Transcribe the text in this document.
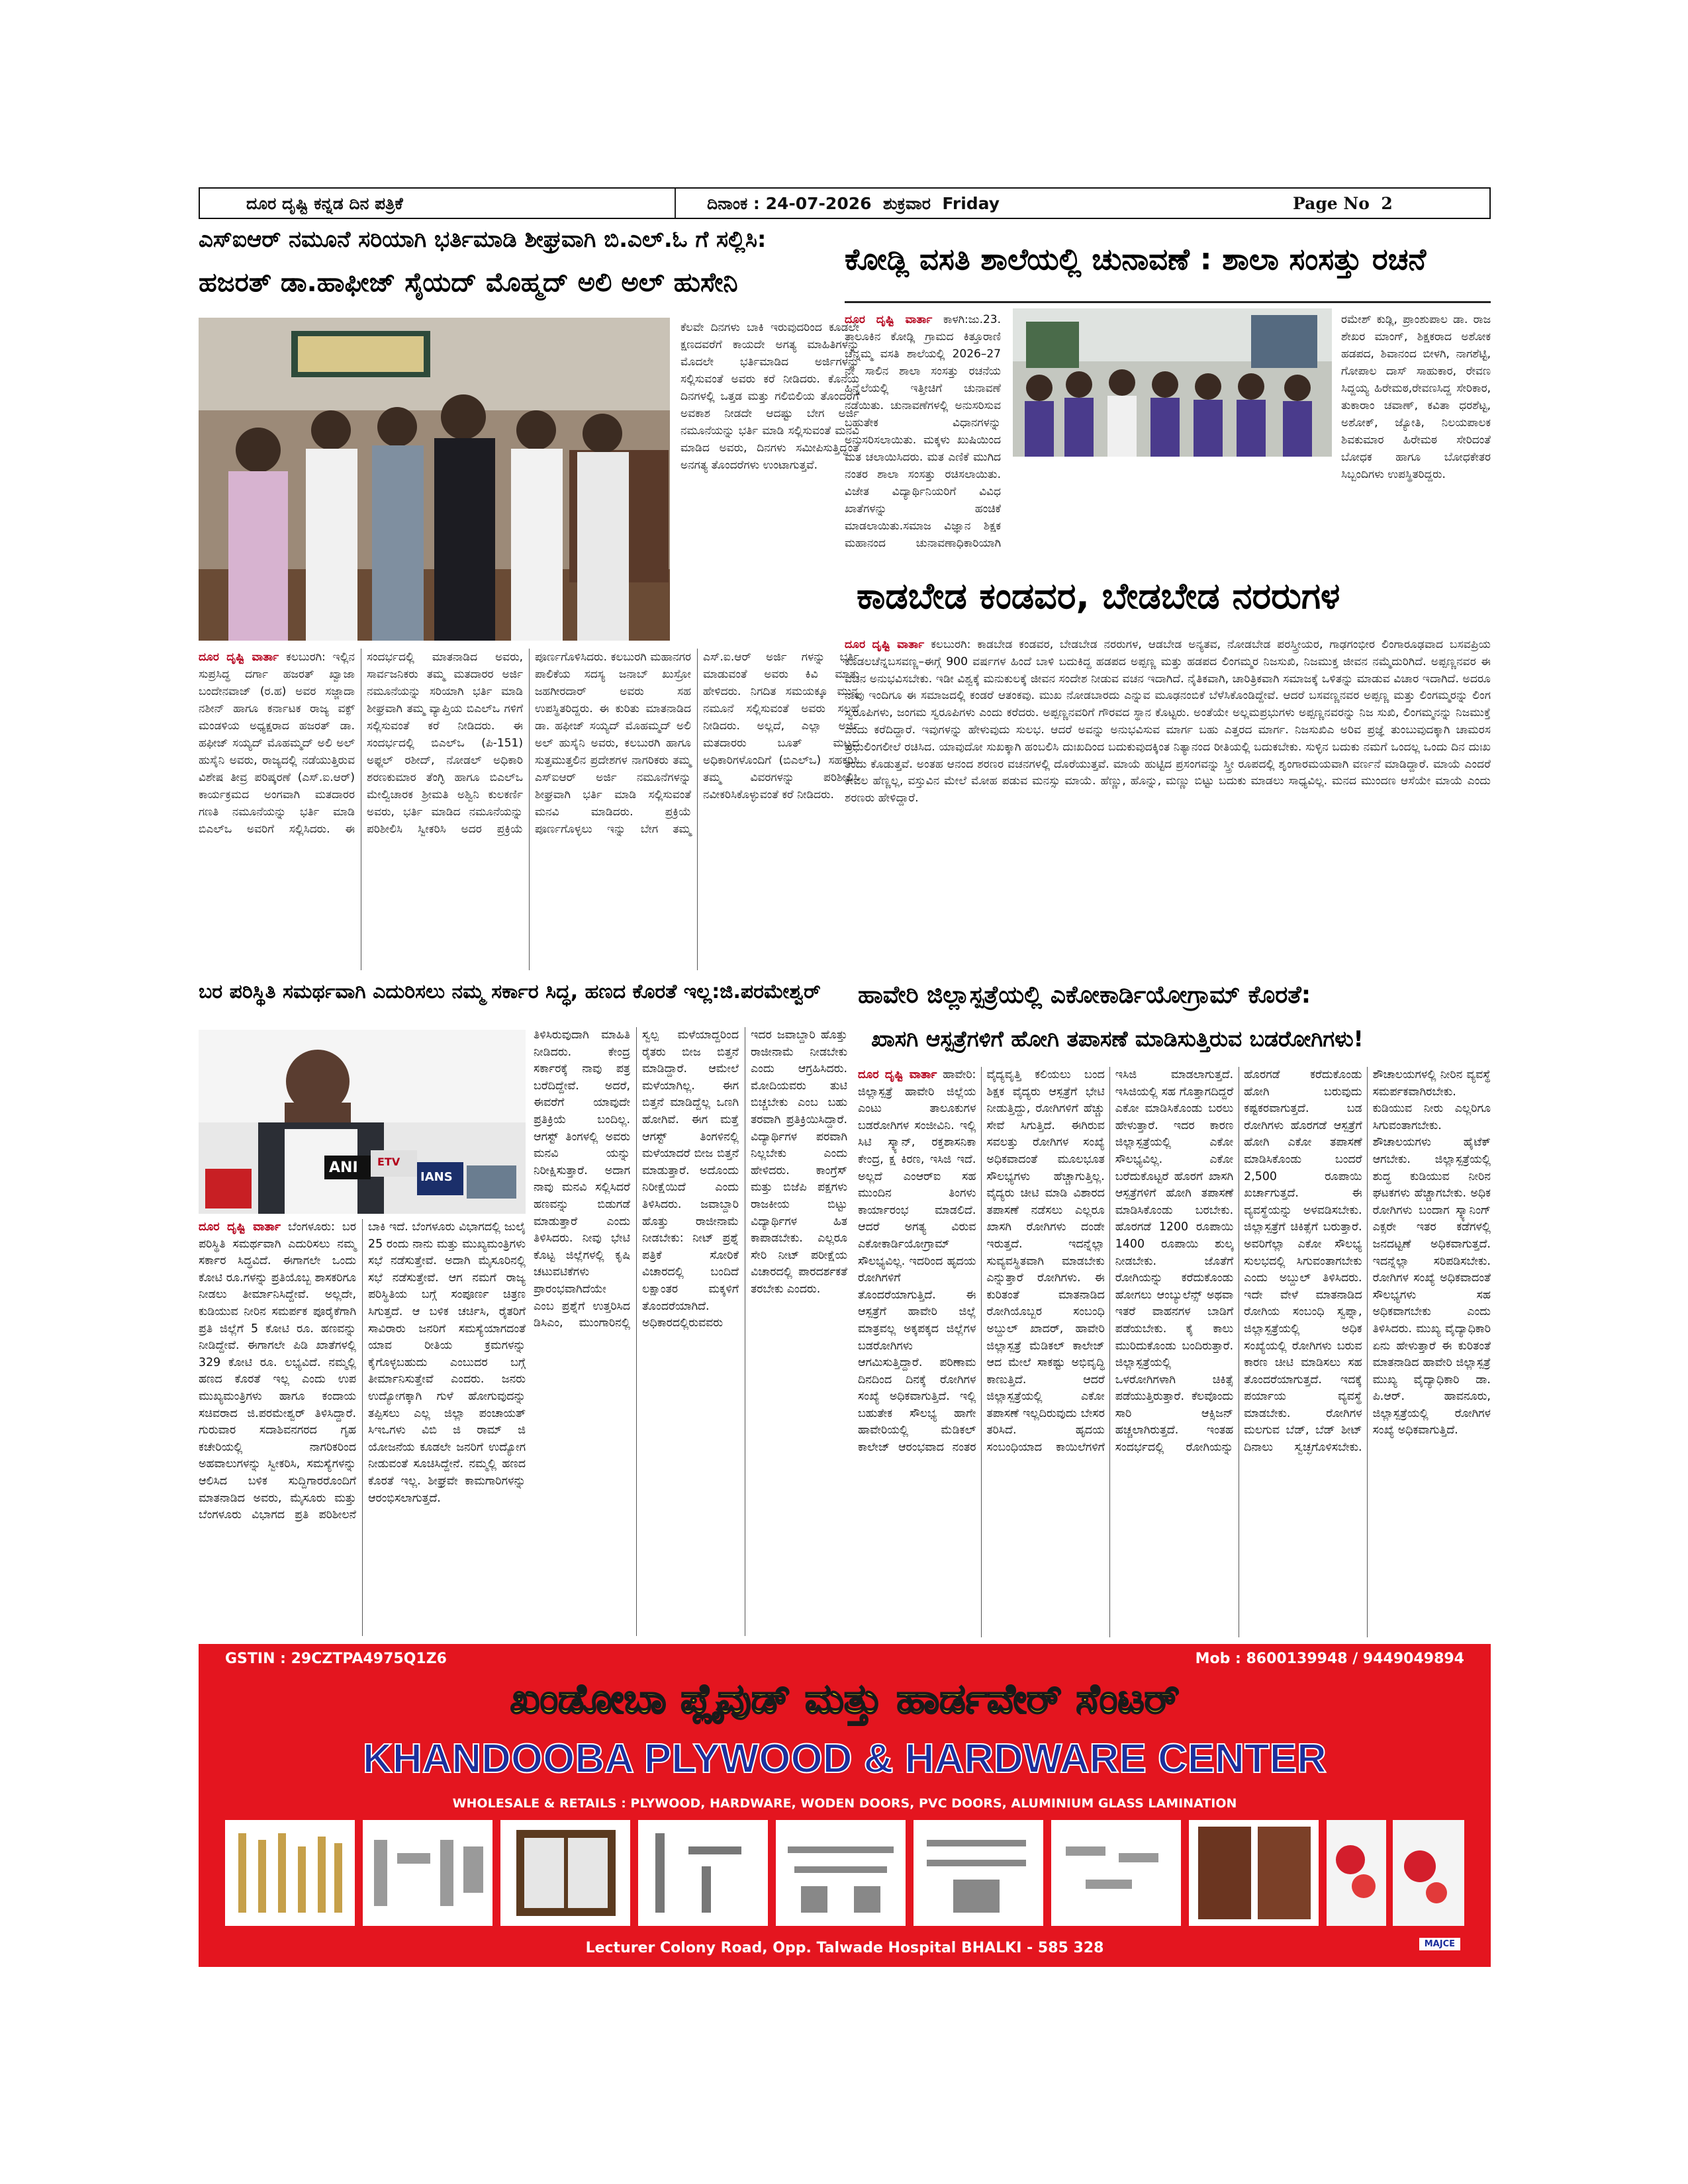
ದೂರ ದೃಷ್ಟಿ ಕನ್ನಡ ದಿನ ಪತ್ರಿಕೆ	ದಿನಾಂಕ : 24-07-2026  ಶುಕ್ರವಾರ  Friday	Page No  2
ಎಸ್ಐಆರ್ ನಮೂನೆ ಸರಿಯಾಗಿ ಭರ್ತಿಮಾಡಿ ಶೀಘ್ರವಾಗಿ ಬಿ.ಎಲ್.ಓ ಗೆ ಸಲ್ಲಿಸಿ:
ಹಜರತ್ ಡಾ.ಹಾಫೀಜ್ ಸೈಯದ್ ಮೊಹ್ಮದ್ ಅಲಿ ಅಲ್ ಹುಸೇನಿ

ಕೆಲವೇ ದಿನಗಳು ಬಾಕಿ ಇರುವುದರಿಂದ ಕೂಡಲೇ ಕ್ಷಣದವರೆಗೆ ಕಾಯದೇ ಅಗತ್ಯ ಮಾಹಿತಿಗಳನ್ನು ಮೊದಲೇ ಭರ್ತಿಮಾಡಿದ ಅರ್ಜಿಗಳನ್ನು ಸಲ್ಲಿಸುವಂತೆ ಅವರು ಕರೆ ನೀಡಿದರು. ಕೊನೆಯ ದಿನಗಳಲ್ಲಿ ಒತ್ತಡ ಮತ್ತು ಗಲಿಬಿಲಿಯ ತೊಂದರೆಗೆ ಅವಕಾಶ ನೀಡದೇ ಆದಷ್ಟು ಬೇಗ ಅರ್ಜಿ ನಮೂನೆಯನ್ನು ಭರ್ತಿ ಮಾಡಿ ಸಲ್ಲಿಸುವಂತೆ ಮನವಿ ಮಾಡಿದ ಅವರು, ದಿನಗಳು ಸಮೀಪಿಸುತ್ತಿದ್ದಂತೆ ಅನಗತ್ಯ ತೊಂದರೆಗಳು ಉಂಟಾಗುತ್ತವೆ.

ದೂರ ದೃಷ್ಟಿ ವಾರ್ತಾ ಕಲಬುರಗಿ: ಇಲ್ಲಿನ ಸುಪ್ರಸಿದ್ಧ ದರ್ಗಾ ಹಜರತ್ ಖ್ವಾಜಾ ಬಂದೇನವಾಜ್ (ರ.ಹ) ಅವರ ಸಜ್ಜಾದಾ ನಶೀನ್ ಹಾಗೂ ಕರ್ನಾಟಕ ರಾಜ್ಯ ವಕ್ಫ್ ಮಂಡಳಿಯ ಅಧ್ಯಕ್ಷರಾದ ಹಜರತ್ ಡಾ. ಹಫೀಜ್ ಸಯ್ಯದ್ ಮೊಹಮ್ಮದ್ ಅಲಿ ಅಲ್ ಹುಸೈನಿ ಅವರು, ರಾಜ್ಯದಲ್ಲಿ ನಡೆಯುತ್ತಿರುವ ವಿಶೇಷ ತೀವ್ರ ಪರಿಷ್ಕರಣೆ (ಎಸ್.ಐ.ಆರ್) ಕಾರ್ಯಕ್ರಮದ ಅಂಗವಾಗಿ ಮತದಾರರ ಗಣತಿ ನಮೂನೆಯನ್ನು ಭರ್ತಿ ಮಾಡಿ ಬಿಎಲ್ಒ ಅವರಿಗೆ ಸಲ್ಲಿಸಿದರು. ಈ ಸಂದರ್ಭದಲ್ಲಿ ಮಾತನಾಡಿದ ಅವರು, ಸಾರ್ವಜನಿಕರು ತಮ್ಮ ಮತದಾರರ ಅರ್ಜಿ ನಮೂನೆಯನ್ನು ಸರಿಯಾಗಿ ಭರ್ತಿ ಮಾಡಿ ಶೀಘ್ರವಾಗಿ ತಮ್ಮ ವ್ಯಾಪ್ತಿಯ ಬಿಎಲ್ಒ ಗಳಿಗೆ ಸಲ್ಲಿಸುವಂತೆ ಕರೆ ನೀಡಿದರು. ಈ ಸಂದರ್ಭದಲ್ಲಿ ಬಿಎಲ್ಒ (ಪಿ-151) ಅಫ್ಜಲ್ ರಶೀದ್, ನೋಡಲ್ ಅಧಿಕಾರಿ ಶರಣಕುಮಾರ ತೆಂಗ್ಳಿ ಹಾಗೂ ಬಿಎಲ್ಒ ಮೇಲ್ವಿಚಾರಕ ಶ್ರೀಮತಿ ಅಶ್ವಿನಿ ಕುಲಕರ್ಣಿ ಅವರು, ಭರ್ತಿ ಮಾಡಿದ ನಮೂನೆಯನ್ನು ಪರಿಶೀಲಿಸಿ ಸ್ವೀಕರಿಸಿ ಅದರ ಪ್ರಕ್ರಿಯೆ ಪೂರ್ಣಗೊಳಿಸಿದರು. ಕಲಬುರಗಿ ಮಹಾನಗರ ಪಾಲಿಕೆಯ ಸದಸ್ಯ ಜನಾಬ್ ಖುಸ್ರೋ ಜಹಗೀರದಾರ್ ಅವರು ಸಹ ಉಪಸ್ಥಿತರಿದ್ದರು. ಈ ಕುರಿತು ಮಾತನಾಡಿದ ಡಾ. ಹಫೀಜ್ ಸಯ್ಯದ್ ಮೊಹಮ್ಮದ್ ಅಲಿ ಅಲ್ ಹುಸೈನಿ ಅವರು, ಕಲಬುರಗಿ ಹಾಗೂ ಸುತ್ತಮುತ್ತಲಿನ ಪ್ರದೇಶಗಳ ನಾಗರಿಕರು ತಮ್ಮ ಎಸ್ಐಆರ್ ಅರ್ಜಿ ನಮೂನೆಗಳನ್ನು ಶೀಘ್ರವಾಗಿ ಭರ್ತಿ ಮಾಡಿ ಸಲ್ಲಿಸುವಂತೆ ಮನವಿ ಮಾಡಿದರು. ಪ್ರಕ್ರಿಯೆ ಪೂರ್ಣಗೊಳ್ಳಲು ಇನ್ನು ಬೇಗ ತಮ್ಮ ಎಸ್.ಐ.ಆರ್ ಅರ್ಜಿ ಗಳನ್ನು ಭರ್ತಿ ಮಾಡುವಂತೆ ಅವರು ಕಿವಿ ಮಾತು ಹೇಳಿದರು. ನಿಗದಿತ ಸಮಯಕ್ಕೂ ಮುನ್ನ ನಮೂನೆ ಸಲ್ಲಿಸುವಂತೆ ಅವರು ಸಲಹೆ ನೀಡಿದರು. ಅಲ್ಲದೆ, ಎಲ್ಲಾ ಅರ್ಜಿ ಮತದಾರರು ಬೂತ್ ಮಟ್ಟದ ಅಧಿಕಾರಿಗಳೊಂದಿಗೆ (ಬಿಎಲ್ಒ) ಸಹಕರಿಸಿ ತಮ್ಮ ವಿವರಗಳನ್ನು ಪರಿಶೀಲಿಸಿ ನವೀಕರಿಸಿಕೊಳ್ಳುವಂತೆ ಕರೆ ನೀಡಿದರು.

ಕೋಡ್ಲಿ ವಸತಿ ಶಾಲೆಯಲ್ಲಿ ಚುನಾವಣೆ : ಶಾಲಾ ಸಂಸತ್ತು ರಚನೆ

ದೂರ ದೃಷ್ಟಿ ವಾರ್ತಾ ಕಾಳಗಿ:ಜು.23. ತಾಲೂಕಿನ ಕೋಡ್ಲಿ ಗ್ರಾಮದ ಕಿತ್ತೂರಾಣಿ ಚೆನ್ನಮ್ಮ ವಸತಿ ಶಾಲೆಯಲ್ಲಿ 2026–27 ನೇ ಸಾಲಿನ ಶಾಲಾ ಸಂಸತ್ತು ರಚನೆಯ ಹಿನ್ನೆಲೆಯಲ್ಲಿ ಇತ್ತೀಚಿಗೆ ಚುನಾವಣೆ ನಡೆಯಿತು. ಚುನಾವಣೆಗಳಲ್ಲಿ ಅನುಸರಿಸುವ ಬಹುತೇಕ ವಿಧಾನಗಳನ್ನು ಅನುಸರಿಸಲಾಯಿತು. ಮಕ್ಕಳು ಖುಷಿಯಿಂದ ಮತ ಚಲಾಯಿಸಿದರು. ಮತ ಎಣಿಕೆ ಮುಗಿದ ನಂತರ ಶಾಲಾ ಸಂಸತ್ತು ರಚಿಸಲಾಯಿತು. ವಿಜೇತ ವಿದ್ಯಾರ್ಥಿನಿಯರಿಗೆ ವಿವಿಧ ಖಾತೆಗಳನ್ನು ಹಂಚಿಕೆ ಮಾಡಲಾಯಿತು.ಸಮಾಜ ವಿಜ್ಞಾನ ಶಿಕ್ಷಕ ಮಹಾನಂದ ಚುನಾವಣಾಧಿಕಾರಿಯಾಗಿ

ರಮೇಶ್ ಕುಡ್ಲಿ, ಪ್ರಾಂಶುಪಾಲ ಡಾ. ರಾಜ ಶೇಖರ ಮಾಂಗ್, ಶಿಕ್ಷಕರಾದ ಅಶೋಕ ಹಡಪದ, ಶಿವಾನಂದ ಬೀಳಗಿ, ನಾಗಶೆಟ್ಟಿ, ಗೋಪಾಲ ದಾಸ್ ಸಾಹುಕಾರ, ರೇವಣ ಸಿದ್ದಯ್ಯ ಹಿರೇಮಠ,ರೇವಣಸಿದ್ದ ಸೇರಿಕಾರ, ತುಕಾರಾಂ ಚವಾಣ್, ಕವಿತಾ ಧರಶೆಟ್ಟ, ಅಶೋಕ್, ಜ್ಯೋತಿ, ನಿಲಯಪಾಲಕ ಶಿವಕುಮಾರ ಹಿರೇಮಠ ಸೇರಿದಂತೆ ಬೋಧಕ ಹಾಗೂ ಬೋಧಕೇತರ ಸಿಬ್ಬಂದಿಗಳು ಉಪಸ್ಥಿತರಿದ್ದರು.

ಕಾಡಬೇಡ ಕಂಡವರ, ಬೇಡಬೇಡ ನರರುಗಳ

ದೂರ ದೃಷ್ಟಿ ವಾರ್ತಾ ಕಲಬುರಗಿ: ಕಾಡಬೇಡ ಕಂಡವರ, ಬೇಡಬೇಡ ನರರುಗಳ, ಆಡಬೇಡ ಅನ್ಯತವ, ನೋಡಬೇಡ ಪರಸ್ತ್ರೀಯರ, ಗಾಢಗಂಭೀರ ಲಿಂಗಾರೂಢವಾದ ಬಸವಪ್ರಿಯ ಕೂಡಲಚೆನ್ನಬಸವಣ್ಣ–ಈಗ್ಗೆ 900 ವರ್ಷಗಳ ಹಿಂದೆ ಬಾಳಿ ಬದುಕಿದ್ದ ಹಡಪದ ಅಪ್ಪಣ್ಣ ಮತ್ತು ಹಡಪದ ಲಿಂಗಮ್ಮರ ನಿಜಸುಖಿ, ನಿಜಮುಕ್ತ ಜೀವನ ನಮ್ಮೆದುರಿಗಿದೆ. ಅಪ್ಪಣ್ಣನವರ ಈ ವಚನ ಅನುಭವಿಸಬೇಕು. ಇಡೀ ವಿಶ್ವಕ್ಕೆ ಮನುಕುಲಕ್ಕೆ ಜೀವನ ಸಂದೇಶ ನೀಡುವ ವಚನ ಇದಾಗಿದೆ. ನೈತಿಕವಾಗಿ, ಚಾರಿತ್ರಿಕವಾಗಿ ಸಮಾಜಕ್ಕೆ ಒಳಿತನ್ನು ಮಾಡುವ ವಿಚಾರ ಇದಾಗಿದೆ. ಅದರೂ ನಾವು ಇಂದಿಗೂ ಈ ಸಮಾಜದಲ್ಲಿ ಕಂಡರೆ ಆತಂಕವು. ಮುಖ ನೋಡಬಾರದು ಎನ್ನುವ ಮೂಢನಂಬಿಕೆ ಬೆಳೆಸಿಕೊಂಡಿದ್ದೇವೆ. ಆದರೆ ಬಸವಣ್ಣನವರ ಅಪ್ಪಣ್ಣ ಮತ್ತು ಲಿಂಗಮ್ಮರನ್ನು ಲಿಂಗ ಸ್ವರೂಪಿಗಳು, ಜಂಗಮ ಸ್ವರೂಪಿಗಳು ಎಂದು ಕರೆದರು. ಅಪ್ಪಣ್ಣನವರಿಗೆ ಗೌರವದ ಸ್ಥಾನ ಕೊಟ್ಟರು. ಅಂತೆಯೇ ಅಲ್ಲಮಪ್ರಭುಗಳು ಅಪ್ಪಣ್ಣನವರನ್ನು ನಿಜ ಸುಖಿ, ಲಿಂಗಮ್ಮನನ್ನು ನಿಜಮುಕ್ತೆ ಎಂದು ಕರೆದಿದ್ದಾರೆ. ಇವುಗಳನ್ನು ಹೇಳುವುದು ಸುಲಭ. ಆದರೆ ಅವನ್ನು ಅನುಭವಿಸುವ ಮಾರ್ಗ ಬಹು ಎತ್ತರದ ಮಾರ್ಗ. ನಿಜಸುಖಿಎ ಅರಿವ ಪ್ರಜ್ಞೆ ತುಂಬುವುದಕ್ಕಾಗಿ ಚಾಮರಸ ಪ್ರಭುಲಿಂಗಲೀಲೆ ರಚಿಸಿದ. ಯಾವುದೋ ಸುಖಕ್ಕಾಗಿ ಹಂಬಲಿಸಿ ದುಃಖದಿಂದ ಬದುಕುವುದಕ್ಕಿಂತ ನಿತ್ಯಾನಂದ ರೀತಿಯಲ್ಲಿ ಬದುಕಬೇಕು. ಸುಳ್ಳಿನ ಬದುಕು ನಮಗೆ ಒಂದಲ್ಲ ಒಂದು ದಿನ ದುಃಖ ತಂದು ಕೊಡುತ್ತವೆ. ಅಂತಹ ಆನಂದ ಶರಣರ ವಚನಗಳಲ್ಲಿ ದೊರೆಯುತ್ತವೆ. ಮಾಯೆ ಹುಟ್ಟಿದ ಪ್ರಸಂಗವನ್ನು ಸ್ತ್ರೀ ರೂಪದಲ್ಲಿ ಶೃಂಗಾರಮಯವಾಗಿ ವರ್ಣನೆ ಮಾಡಿದ್ದಾರೆ. ಮಾಯೆ ಎಂದರೆ ಕೇವಲ ಹೆಣ್ಣಲ್ಲ, ವಸ್ತುವಿನ ಮೇಲೆ ಮೋಹ ಪಡುವ ಮನಸ್ಸು ಮಾಯೆ. ಹೆಣ್ಣು, ಹೊನ್ನು, ಮಣ್ಣು ಬಿಟ್ಟು ಬದುಕು ಮಾಡಲು ಸಾಧ್ಯವಿಲ್ಲ. ಮನದ ಮುಂದಣ ಆಸೆಯೇ ಮಾಯೆ ಎಂದು ಶರಣರು ಹೇಳಿದ್ದಾರೆ.

ಬರ ಪರಿಸ್ಥಿತಿ ಸಮರ್ಥವಾಗಿ ಎದುರಿಸಲು ನಮ್ಮ ಸರ್ಕಾರ ಸಿದ್ಧ, ಹಣದ ಕೊರತೆ ಇಲ್ಲ:ಜಿ.ಪರಮೇಶ್ವರ್
ANI
IANS
ETV

ದೂರ ದೃಷ್ಟಿ ವಾರ್ತಾ ಬೆಂಗಳೂರು: ಬರ ಪರಿಸ್ಥಿತಿ ಸಮರ್ಥವಾಗಿ ಎದುರಿಸಲು ನಮ್ಮ ಸರ್ಕಾರ ಸಿದ್ಧವಿದೆ. ಈಗಾಗಲೇ ಒಂದು ಕೋಟಿ ರೂ.ಗಳನ್ನು ಪ್ರತಿಯೊಬ್ಬ ಶಾಸಕರಿಗೂ ನೀಡಲು ತೀರ್ಮಾನಿಸಿದ್ದೇವೆ. ಅಲ್ಲದೇ, ಕುಡಿಯುವ ನೀರಿನ ಸಮರ್ಪಕ ಪೂರೈಕೆಗಾಗಿ ಪ್ರತಿ ಜಿಲ್ಲೆಗೆ 5 ಕೋಟಿ ರೂ. ಹಣವನ್ನು ನೀಡಿದ್ದೇವೆ. ಈಗಾಗಲೇ ಪಿಡಿ ಖಾತೆಗಳಲ್ಲಿ 329 ಕೋಟಿ ರೂ. ಲಭ್ಯವಿದೆ. ನಮ್ಮಲ್ಲಿ ಹಣದ ಕೊರತೆ ಇಲ್ಲ ಎಂದು ಉಪ ಮುಖ್ಯಮಂತ್ರಿಗಳು ಹಾಗೂ ಕಂದಾಯ ಸಚಿವರಾದ ಜಿ.ಪರಮೇಶ್ವರ್ ತಿಳಿಸಿದ್ದಾರೆ. ಗುರುವಾರ ಸದಾಶಿವನಗರದ ಗೃಹ ಕಚೇರಿಯಲ್ಲಿ ನಾಗರಿಕರಿಂದ ಅಹವಾಲುಗಳನ್ನು ಸ್ವೀಕರಿಸಿ, ಸಮಸ್ಯೆಗಳನ್ನು ಆಲಿಸಿದ ಬಳಿಕ ಸುದ್ದಿಗಾರರೊಂದಿಗೆ ಮಾತನಾಡಿದ ಅವರು, ಮೈಸೂರು ಮತ್ತು ಬೆಂಗಳೂರು ವಿಭಾಗದ ಪ್ರತಿ ಪರಿಶೀಲನೆ ಬಾಕಿ ಇದೆ. ಬೆಂಗಳೂರು ವಿಭಾಗದಲ್ಲಿ ಜುಲೈ 25 ರಂದು ನಾನು ಮತ್ತು ಮುಖ್ಯಮಂತ್ರಿಗಳು ಸಭೆ ನಡೆಸುತ್ತೇವೆ. ಅದಾಗಿ ಮೈಸೂರಿನಲ್ಲಿ ಸಭೆ ನಡೆಸುತ್ತೇವೆ. ಆಗ ನಮಗೆ ರಾಜ್ಯ ಪರಿಸ್ಥಿತಿಯ ಬಗ್ಗೆ ಸಂಪೂರ್ಣ ಚಿತ್ರಣ ಸಿಗುತ್ತದೆ. ಆ ಬಳಿಕ ಚರ್ಚಿಸಿ, ರೈತರಿಗೆ ಸಾವಿರಾರು ಜನರಿಗೆ ಸಮಸ್ಯೆಯಾಗದಂತೆ ಯಾವ ರೀತಿಯ ಕ್ರಮಗಳನ್ನು ಕೈಗೊಳ್ಳಬಹುದು ಎಂಬುದರ ಬಗ್ಗೆ ತೀರ್ಮಾನಿಸುತ್ತೇವೆ ಎಂದರು. ಜನರು ಉದ್ಯೋಗಕ್ಕಾಗಿ ಗುಳೆ ಹೋಗುವುದನ್ನು ತಪ್ಪಿಸಲು ಎಲ್ಲ ಜಿಲ್ಲಾ ಪಂಚಾಯತ್ ಸಿಇಒಗಳು ವಿಬಿ ಜಿ ರಾಮ್ ಜಿ ಯೋಜನೆಯ ಕೂಡಲೇ ಜನರಿಗೆ ಉದ್ಯೋಗ ನೀಡುವಂತೆ ಸೂಚಿಸಿದ್ದೇನೆ. ನಮ್ಮಲ್ಲಿ ಹಣದ ಕೊರತೆ ಇಲ್ಲ. ಶೀಘ್ರವೇ ಕಾಮಗಾರಿಗಳನ್ನು ಆರಂಭಿಸಲಾಗುತ್ತದೆ.

ತಿಳಿಸಿರುವುದಾಗಿ ಮಾಹಿತಿ ನೀಡಿದರು. ಕೇಂದ್ರ ಸರ್ಕಾರಕ್ಕೆ ನಾವು ಪತ್ರ ಬರೆದಿದ್ದೇವೆ. ಅದರೆ, ಈವರೆಗೆ ಯಾವುದೇ ಪ್ರತಿಕ್ರಿಯೆ ಬಂದಿಲ್ಲ. ಆಗಸ್ಟ್ ತಿಂಗಳಲ್ಲಿ ಅವರು ಮನವಿ ಯನ್ನು ನಿರೀಕ್ಷಿಸುತ್ತಾರೆ. ಅದಾಗ ನಾವು ಮನವಿ ಸಲ್ಲಿಸಿದರೆ ಹಣವನ್ನು ಬಿಡುಗಡೆ ಮಾಡುತ್ತಾರೆ ಎಂದು ತಿಳಿಸಿದರು. ನೀವು ಭೇಟಿ ಕೊಟ್ಟ ಜಿಲ್ಲೆಗಳಲ್ಲಿ ಕೃಷಿ ಚಟುವಟಿಕೆಗಳು ಪ್ರಾರಂಭವಾಗಿದೆಯೇ ಎಂಬ ಪ್ರಶ್ನೆಗೆ ಉತ್ತರಿಸಿದ ಡಿಸಿಎಂ, ಮುಂಗಾರಿನಲ್ಲಿ ಸ್ವಲ್ಪ ಮಳೆಯಾದ್ದರಿಂದ ರೈತರು ಬೀಜ ಬಿತ್ತನೆ ಮಾಡಿದ್ದಾರೆ. ಆಮೇಲೆ ಮಳೆಯಾಗಿಲ್ಲ. ಈಗ ಬಿತ್ತನೆ ಮಾಡಿದ್ದೆಲ್ಲ ಒಣಗಿ ಹೋಗಿವೆ. ಈಗ ಮತ್ತೆ ಆಗಸ್ಟ್ ತಿಂಗಳಿನಲ್ಲಿ ಮಳೆಯಾದರೆ ಬೀಜ ಬಿತ್ತನೆ ಮಾಡುತ್ತಾರೆ. ಅದೊಂದು ನಿರೀಕ್ಷೆಯಿದೆ ಎಂದು ತಿಳಿಸಿದರು. ಜವಾಬ್ದಾರಿ ಹೊತ್ತು ರಾಜೀನಾಮೆ ನೀಡಬೇಕು: ನೀಟ್ ಪ್ರಶ್ನೆ ಪತ್ರಿಕೆ ಸೋರಿಕೆ ವಿಚಾರದಲ್ಲಿ ಬಂದಿದೆ ಲಕ್ಷಾಂತರ ಮಕ್ಕಳಿಗೆ ತೊಂದರೆಯಾಗಿದೆ. ಅಧಿಕಾರದಲ್ಲಿರುವವರು ಇದರ ಜವಾಬ್ದಾರಿ ಹೊತ್ತು ರಾಜೀನಾಮೆ ನೀಡಬೇಕು ಎಂದು ಆಗ್ರಹಿಸಿದರು. ಮೋದಿಯವರು ತುಟಿ ಬಿಚ್ಚಬೇಕು ಎಂಬ ಬಹು ತರವಾಗಿ ಪ್ರತಿಕ್ರಿಯಿಸಿದ್ದಾರೆ. ವಿದ್ಯಾರ್ಥಿಗಳ ಪರವಾಗಿ ನಿಲ್ಲಬೇಕು ಎಂದು ಹೇಳಿದರು. ಕಾಂಗ್ರೆಸ್ ಮತ್ತು ಬಿಜೆಪಿ ಪಕ್ಷಗಳು ರಾಜಕೀಯ ಬಿಟ್ಟು ವಿದ್ಯಾರ್ಥಿಗಳ ಹಿತ ಕಾಪಾಡಬೇಕು. ಎಲ್ಲರೂ ಸೇರಿ ನೀಟ್ ಪರೀಕ್ಷೆಯ ವಿಚಾರದಲ್ಲಿ ಪಾರದರ್ಶಕತೆ ತರಬೇಕು ಎಂದರು.

ಹಾವೇರಿ ಜಿಲ್ಲಾಸ್ಪತ್ರೆಯಲ್ಲಿ ಎಕೋಕಾರ್ಡಿಯೋಗ್ರಾಮ್ ಕೊರತೆ:
ಖಾಸಗಿ ಆಸ್ಪತ್ರೆಗಳಿಗೆ ಹೋಗಿ ತಪಾಸಣೆ ಮಾಡಿಸುತ್ತಿರುವ ಬಡರೋಗಿಗಳು!

ದೂರ ದೃಷ್ಟಿ ವಾರ್ತಾ ಹಾವೇರಿ: ಜಿಲ್ಲಾಸ್ಪತ್ರೆ ಹಾವೇರಿ ಜಿಲ್ಲೆಯ ಎಂಟು ತಾಲೂಕುಗಳ ಬಡರೋಗಿಗಳ ಸಂಜೀವಿನಿ. ಇಲ್ಲಿ ಸಿಟಿ ಸ್ಕ್ಯಾನ್, ರಕ್ತಶಾಸನಿಕಾ ಕೇಂದ್ರ, ಕ್ಷ ಕಿರಣ, ಇಸಿಜಿ ಇದೆ. ಅಲ್ಲದೆ ಎಂಆರ್‌ಐ ಸಹ ಮುಂದಿನ ತಿಂಗಳು ಕಾರ್ಯಾರಂಭ ಮಾಡಲಿದೆ. ಆದರೆ ಅಗತ್ಯ ವಿರುವ ಎಕೋಕಾರ್ಡಿಯೋಗ್ರಾಮ್ ಸೌಲಭ್ಯವಿಲ್ಲ. ಇದರಿಂದ ಹೃದಯ ರೋಗಿಗಳಿಗೆ ತೊಂದರೆಯಾಗುತ್ತಿದೆ. ಈ ಆಸ್ಪತ್ರೆಗೆ ಹಾವೇರಿ ಜಿಲ್ಲೆ ಮಾತ್ರವಲ್ಲ ಅಕ್ಕಪಕ್ಕದ ಜಿಲ್ಲೆಗಳ ಬಡರೋಗಿಗಳು ಆಗಮಿಸುತ್ತಿದ್ದಾರೆ. ಪರಿಣಾಮ ದಿನದಿಂದ ದಿನಕ್ಕೆ ರೋಗಿಗಳ ಸಂಖ್ಯೆ ಅಧಿಕವಾಗುತ್ತಿದೆ. ಇಲ್ಲಿ ಬಹುತೇಕ ಸೌಲಭ್ಯ ಹಾಗೇ ಹಾವೇರಿಯಲ್ಲಿ ಮೆಡಿಕಲ್ ಕಾಲೇಜ್ ಆರಂಭವಾದ ನಂತರ ವೈದ್ಯವೃತ್ತಿ ಕಲಿಯಲು ಬಂದ ಶಿಕ್ಷಕ ವೈದ್ಯರು ಆಸ್ಪತ್ರೆಗೆ ಭೇಟಿ ನೀಡುತ್ತಿದ್ದು, ರೋಗಿಗಳಿಗೆ ಹೆಚ್ಚು ಸೇವೆ ಸಿಗುತ್ತಿದೆ. ಈಗಿರುವ ಸವಲತ್ತು ರೋಗಿಗಳ ಸಂಖ್ಯೆ ಅಧಿಕವಾದಂತೆ ಮೂಲಭೂತ ಸೌಲಭ್ಯಗಳು ಹೆಚ್ಚಾಗುತ್ತಿಲ್ಲ. ವೈದ್ಯರು ಚೀಟಿ ಮಾಡಿ ವಿಶಾರದ ತಪಾಸಣೆ ನಡೆಸಲು ಎಲ್ಲರೂ ಖಾಸಗಿ ರೋಗಿಗಳು ದಂಡೇ ಇರುತ್ತದೆ. ಇದನ್ನೆಲ್ಲಾ ಸುವ್ಯವಸ್ಥಿತವಾಗಿ ಮಾಡಬೇಕು ಎನ್ನುತ್ತಾರೆ ರೋಗಿಗಳು. ಈ ಕುರಿತಂತೆ ಮಾತನಾಡಿದ ರೋಗಿಯೊಬ್ಬರ ಸಂಬಂಧಿ ಅಬ್ದುಲ್ ಖಾದರ್, ಹಾವೇರಿ ಜಿಲ್ಲಾಸ್ಪತ್ರೆ ಮೆಡಿಕಲ್ ಕಾಲೇಜ್ ಆದ ಮೇಲೆ ಸಾಕಷ್ಟು ಅಭಿವೃದ್ಧಿ ಕಾಣುತ್ತಿದೆ. ಆದರೆ ಜಿಲ್ಲಾಸ್ಪತ್ರೆಯಲ್ಲಿ ಎಕೋ ತಪಾಸಣೆ ಇಲ್ಲದಿರುವುದು ಬೇಸರ ತರಿಸಿದೆ. ಹೃದಯ ಸಂಬಂಧಿಯಾದ ಕಾಯಿಲೆಗಳಿಗೆ ಇಸಿಜಿ ಮಾಡಲಾಗುತ್ತದೆ. ಇಸಿಜಿಯಲ್ಲಿ ಸಹ ಗೊತ್ತಾಗದಿದ್ದರೆ ಎಕೋ ಮಾಡಿಸಿಕೊಂಡು ಬರಲು ಹೇಳುತ್ತಾರೆ. ಇದರ ಕಾರಣ ಜಿಲ್ಲಾಸ್ಪತ್ರೆಯಲ್ಲಿ ಎಕೋ ಸೌಲಭ್ಯವಿಲ್ಲ. ಎಕೋ ಬರೆದುಕೊಟ್ಟರೆ ಹೊರಗೆ ಖಾಸಗಿ ಆಸ್ಪತ್ರೆಗಳಿಗೆ ಹೋಗಿ ತಪಾಸಣೆ ಮಾಡಿಸಿಕೊಂಡು ಬರಬೇಕು. ಹೊರಗಡೆ 1200 ರೂಪಾಯಿ 1400 ರೂಪಾಯಿ ಶುಲ್ಕ ನೀಡಬೇಕು. ಜೊತೆಗೆ ರೋಗಿಯನ್ನು ಕರೆದುಕೊಂಡು ಹೋಗಲು ಆಂಬ್ಯುಲೆನ್ಸ್ ಅಥವಾ ಇತರೆ ವಾಹನಗಳ ಬಾಡಿಗೆ ಪಡೆಯಬೇಕು. ಕೈ ಕಾಲು ಮುರಿದುಕೊಂಡು ಬಂದಿರುತ್ತಾರೆ. ಜಿಲ್ಲಾಸ್ಪತ್ರೆಯಲ್ಲಿ ಒಳರೋಗಿಗಳಾಗಿ ಚಿಕಿತ್ಸೆ ಪಡೆಯುತ್ತಿರುತ್ತಾರೆ. ಕೆಲವೊಂದು ಸಾರಿ ಆಕ್ಸಿಜನ್ ಹಚ್ಚಲಾಗಿರುತ್ತದೆ. ಇಂತಹ ಸಂದರ್ಭದಲ್ಲಿ ರೋಗಿಯನ್ನು ಹೊರಗಡೆ ಕರೆದುಕೊಂಡು ಹೋಗಿ ಬರುವುದು ಕಷ್ಟಕರವಾಗುತ್ತದೆ. ಬಡ ರೋಗಿಗಳು ಹೊರಗಡೆ ಆಸ್ಪತ್ರೆಗೆ ಹೋಗಿ ಎಕೋ ತಪಾಸಣೆ ಮಾಡಿಸಿಕೊಂಡು ಬಂದರೆ 2,500 ರೂಪಾಯಿ ಖರ್ಚಾಗುತ್ತದೆ. ಈ ವ್ಯವಸ್ಥೆಯನ್ನು ಅಳವಡಿಸಬೇಕು. ಜಿಲ್ಲಾಸ್ಪತ್ರೆಗೆ ಚಿಕಿತ್ಸೆಗೆ ಬರುತ್ತಾರೆ. ಅವರಿಗೆಲ್ಲಾ ಎಕೋ ಸೌಲಭ್ಯ ಸುಲಭದಲ್ಲಿ ಸಿಗುವಂತಾಗಬೇಕು ಎಂದು ಅಬ್ದುಲ್ ತಿಳಿಸಿದರು. ಇದೇ ವೇಳೆ ಮಾತನಾಡಿದ ರೋಗಿಯ ಸಂಬಂಧಿ ಸ್ವಪ್ನಾ, ಜಿಲ್ಲಾಸ್ಪತ್ರೆಯಲ್ಲಿ ಅಧಿಕ ಸಂಖ್ಯೆಯಲ್ಲಿ ರೋಗಿಗಳು ಬರುವ ಕಾರಣ ಚೀಟಿ ಮಾಡಿಸಲು ಸಹ ತೊಂದರೆಯಾಗುತ್ತದೆ. ಇದಕ್ಕೆ ಪರ್ಯಾಯ ವ್ಯವಸ್ಥೆ ಮಾಡಬೇಕು. ರೋಗಿಗಳ ಮಲಗುವ ಬೆಡ್, ಬೆಡ್ ಶೀಟ್ ದಿನಾಲು ಸ್ವಚ್ಛಗೊಳಿಸಬೇಕು. ಶೌಚಾಲಯಗಳಲ್ಲಿ ನೀರಿನ ವ್ಯವಸ್ಥೆ ಸಮರ್ಪಕವಾಗಿರಬೇಕು. ಕುಡಿಯುವ ನೀರು ಎಲ್ಲರಿಗೂ ಸಿಗುವಂತಾಗಬೇಕು. ಶೌಚಾಲಯಗಳು ಹೈಟೆಕ್ ಆಗಬೇಕು. ಜಿಲ್ಲಾಸ್ಪತ್ರೆಯಲ್ಲಿ ಶುದ್ಧ ಕುಡಿಯುವ ನೀರಿನ ಘಟಕಗಳು ಹೆಚ್ಚಾಗಬೇಕು. ಅಧಿಕ ರೋಗಿಗಳು ಬಂದಾಗ ಸ್ಕ್ಯಾನಿಂಗ್ ಎಕ್ಸರೇ ಇತರ ಕಡೆಗಳಲ್ಲಿ ಜನದಟ್ಟಣೆ ಅಧಿಕವಾಗುತ್ತದೆ. ಇದನ್ನೆಲ್ಲಾ ಸರಿಪಡಿಸಬೇಕು. ರೋಗಿಗಳ ಸಂಖ್ಯೆ ಅಧಿಕವಾದಂತೆ ಸೌಲಭ್ಯಗಳು ಸಹ ಅಧಿಕವಾಗಬೇಕು ಎಂದು ತಿಳಿಸಿದರು. ಮುಖ್ಯ ವೈದ್ಯಾಧಿಕಾರಿ ಏನು ಹೇಳುತ್ತಾರೆ ಈ ಕುರಿತಂತೆ ಮಾತನಾಡಿದ ಹಾವೇರಿ ಜಿಲ್ಲಾಸ್ಪತ್ರೆ ಮುಖ್ಯ ವೈದ್ಯಾಧಿಕಾರಿ ಡಾ. ಪಿ.ಆರ್. ಹಾವನೂರು, ಜಿಲ್ಲಾಸ್ಪತ್ರೆಯಲ್ಲಿ ರೋಗಿಗಳ ಸಂಖ್ಯೆ ಅಧಿಕವಾಗುತ್ತಿದೆ.

GSTIN : 29CZTPA4975Q1Z6	Mob : 8600139948 / 9449049894
ಖಂಡೋಬಾ ಪ್ಲೈವುಡ್ ಮತ್ತು ಹಾರ್ಡವೇರ್ ಸೆಂಟರ್
KHANDOOBA PLYWOOD & HARDWARE CENTER
WHOLESALE & RETAILS : PLYWOOD, HARDWARE, WODEN DOORS, PVC DOORS, ALUMINIUM GLASS LAMINATION
MAJCE
Lecturer Colony Road, Opp. Talwade Hospital BHALKI - 585 328
